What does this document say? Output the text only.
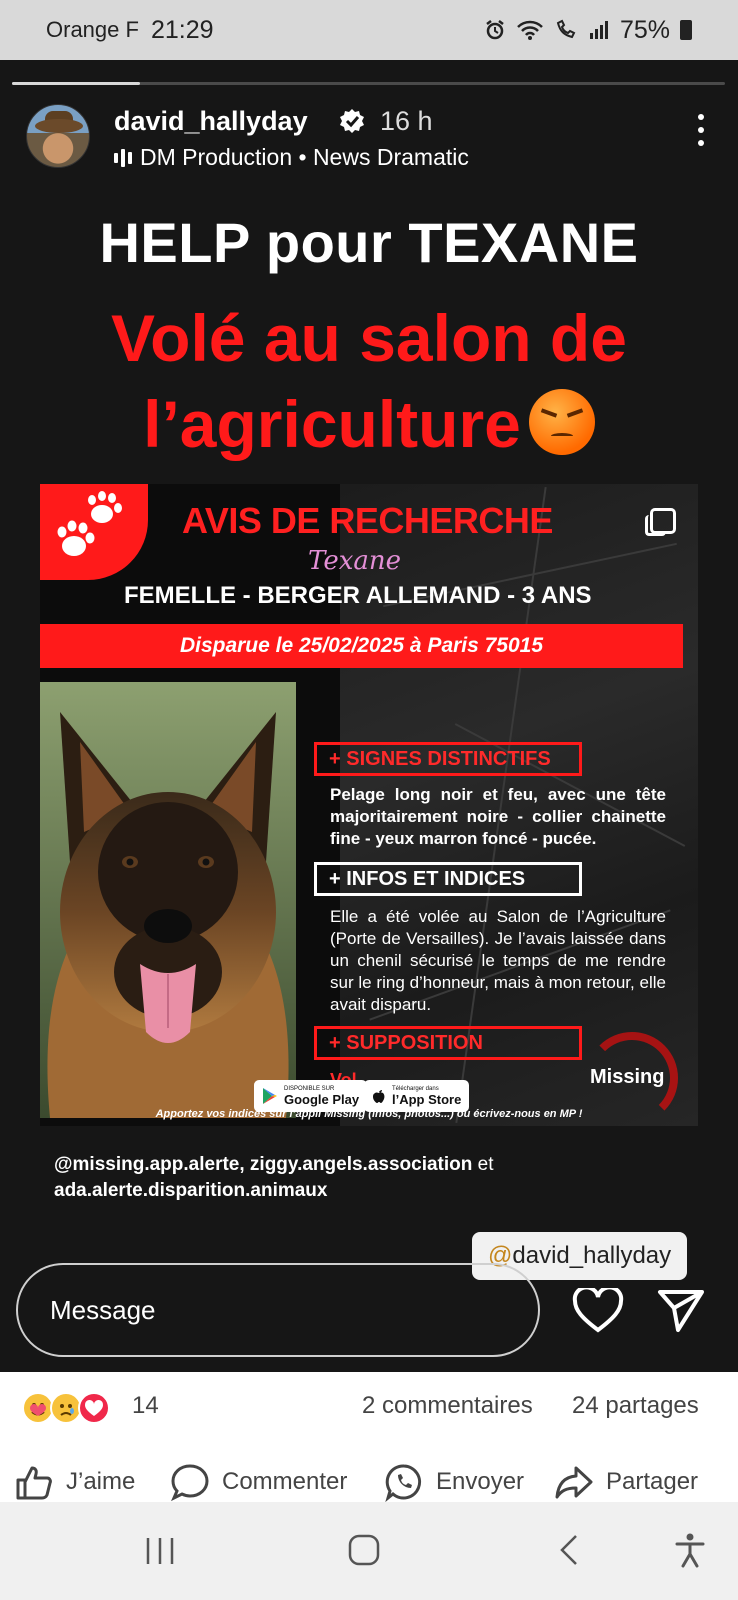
Orange F 21:29	75%
david_hallyday	16 h
DM Production • News Dramatic
HELP pour TEXANE
Volé au salon de
l’agriculture
AVIS DE RECHERCHE
Texane
FEMELLE - BERGER ALLEMAND - 3 ANS
Disparue le 25/02/2025 à Paris 75015
+ SIGNES DISTINCTIFS
Pelage long noir et feu, avec une tête majoritairement noire - collier chainette fine - yeux marron foncé - pucée.
+ INFOS ET INDICES
Elle a été volée au Salon de l’Agriculture (Porte de Versailles). Je l’avais laissée dans un chenil sécurisé le temps de me rendre sur le ring d’honneur, mais à mon retour, elle avait disparu.
+ SUPPOSITION
DISPONIBLE SUR
Google Play
Télécharger dans
l’App Store
Missing
Apportez vos indices sur l’appli Missing (infos, photos...) ou écrivez-nous en MP !
@missing.app.alerte, ziggy.angels.association et ada.alerte.disparition.animaux
@david_hallyday
Message
14	2 commentaires 24 partages
J’aime	Commenter	Envoyer	Partager
